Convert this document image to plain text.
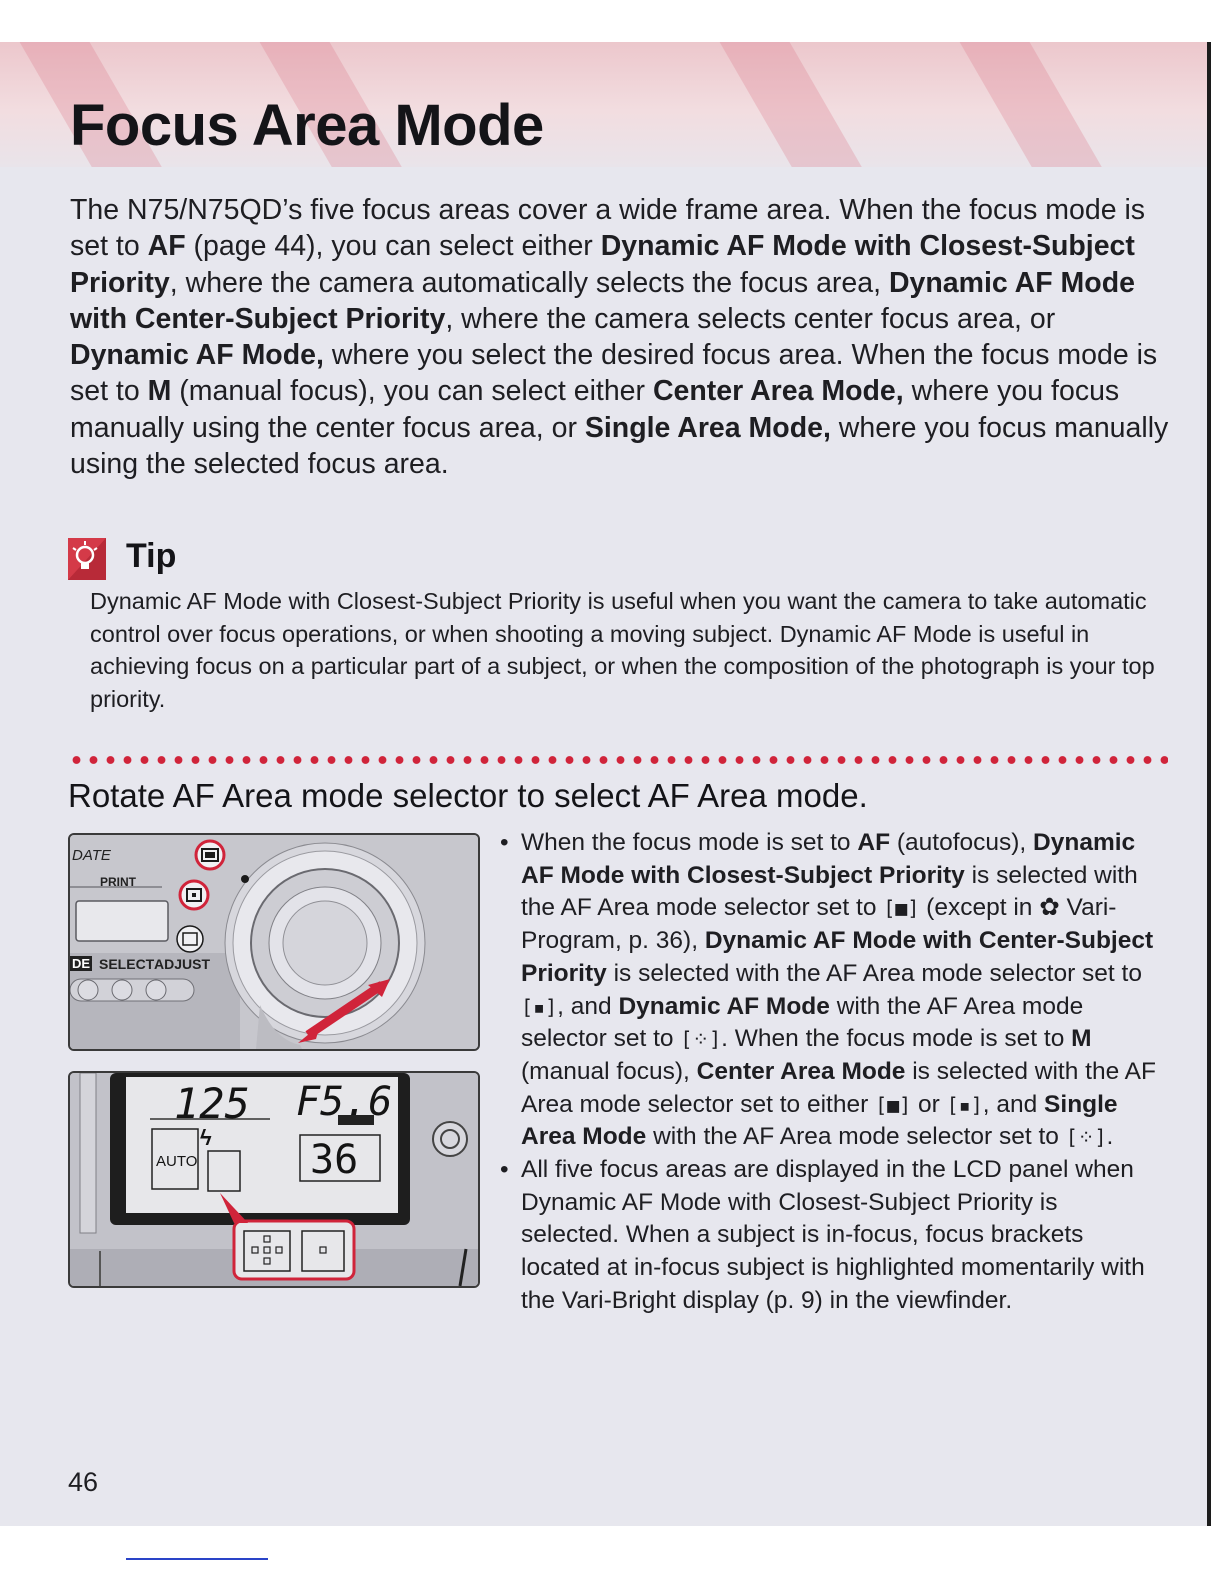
Focus Area Mode

The N75/N75QD’s five focus areas cover a wide frame area. When the focus mode is set to AF (page 44), you can select either Dynamic AF Mode with Closest-Subject Priority, where the camera automatically selects the focus area, Dynamic AF Mode with Center-Subject Priority, where the camera selects center focus area, or Dynamic AF Mode, where you select the desired focus area. When the focus mode is set to M (manual focus), you can select either Center Area Mode, where you focus manually using the center focus area, or Single Area Mode, where you focus manually using the selected focus area.

Tip

Dynamic AF Mode with Closest-Subject Priority is useful when you want the camera to take automatic control over focus operations, or when shooting a moving subject. Dynamic AF Mode is useful in achieving focus on a particular part of a subject, or when the composition of the photograph is your top priority.

Rotate AF Area mode selector to select AF Area mode.
DATE
PRINT
DE SELECT ADJUST
125 F5.6
36
AUTO
ϟ
• When the focus mode is set to AF (autofocus), Dynamic AF Mode with Closest-Subject Priority is selected with the AF Area mode selector set to [■] (except in ✿ Vari-Program, p. 36), Dynamic AF Mode with Center-Subject Priority is selected with the AF Area mode selector set to [▪], and Dynamic AF Mode with the AF Area mode selector set to [⁘]. When the focus mode is set to M (manual focus), Center Area Mode is selected with the AF Area mode selector set to either [■] or [▪], and Single Area Mode with the AF Area mode selector set to [⁘].
• All five focus areas are displayed in the LCD panel when Dynamic AF Mode with Closest-Subject Priority is selected. When a subject is in-focus, focus brackets located at in-focus subject is highlighted momentarily with the Vari-Bright display (p. 9) in the viewfinder.
46
